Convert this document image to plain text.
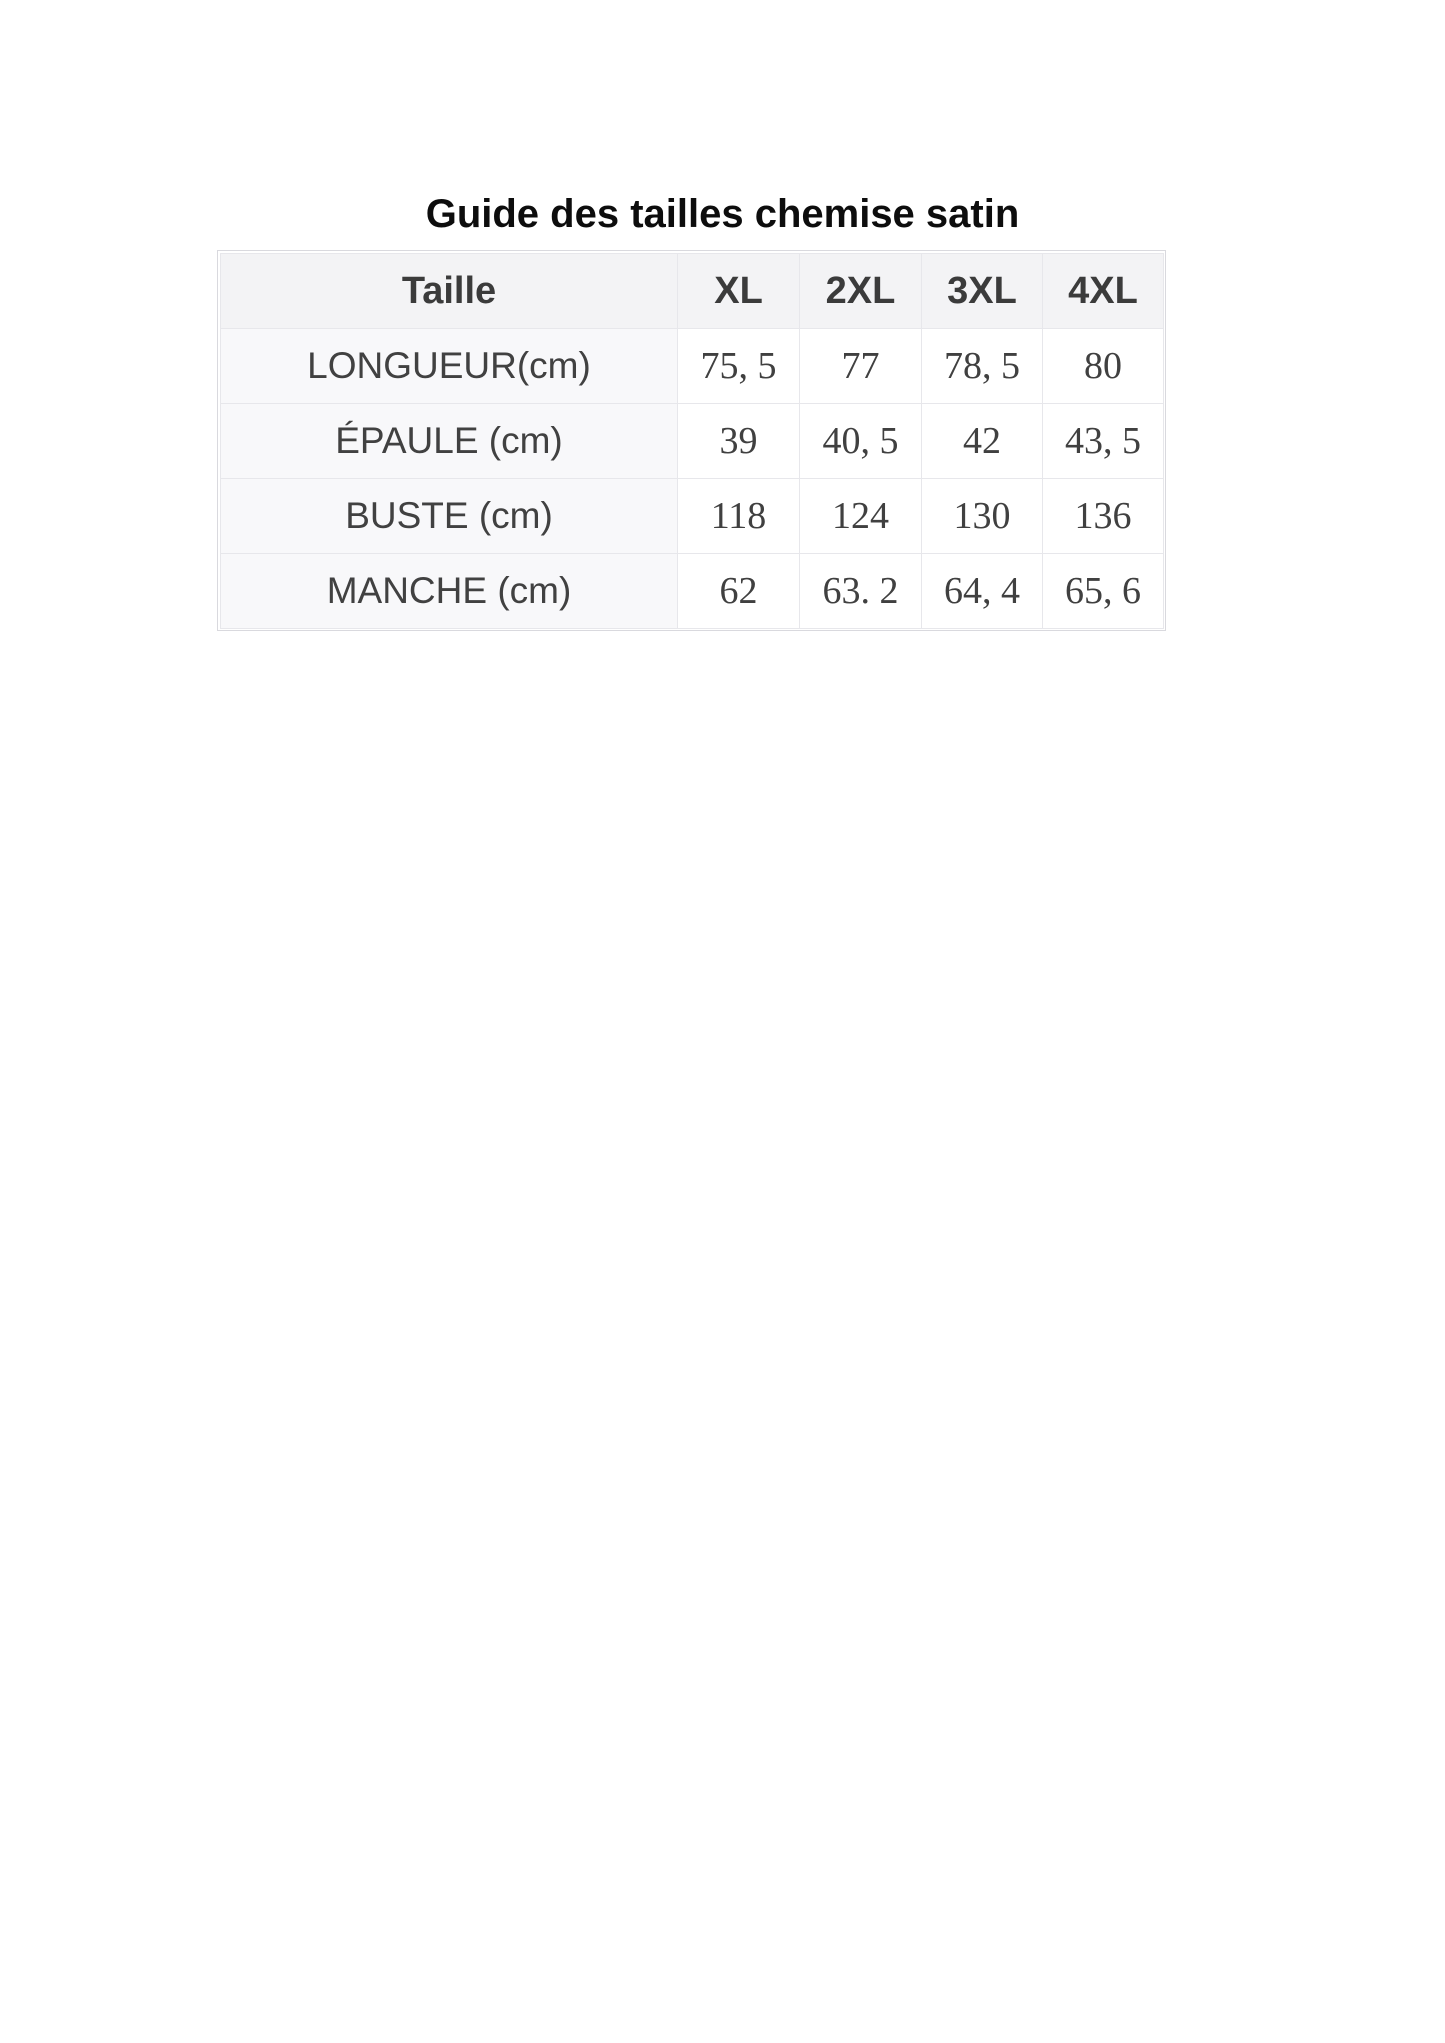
Guide des tailles chemise satin
Taille	XL	2XL	3XL	4XL
LONGUEUR(cm)	75, 5	77	78, 5	80
ÉPAULE (cm)	39	40, 5	42	43, 5
BUSTE (cm)	118	124	130	136
MANCHE (cm)	62	63. 2	64, 4	65, 6
